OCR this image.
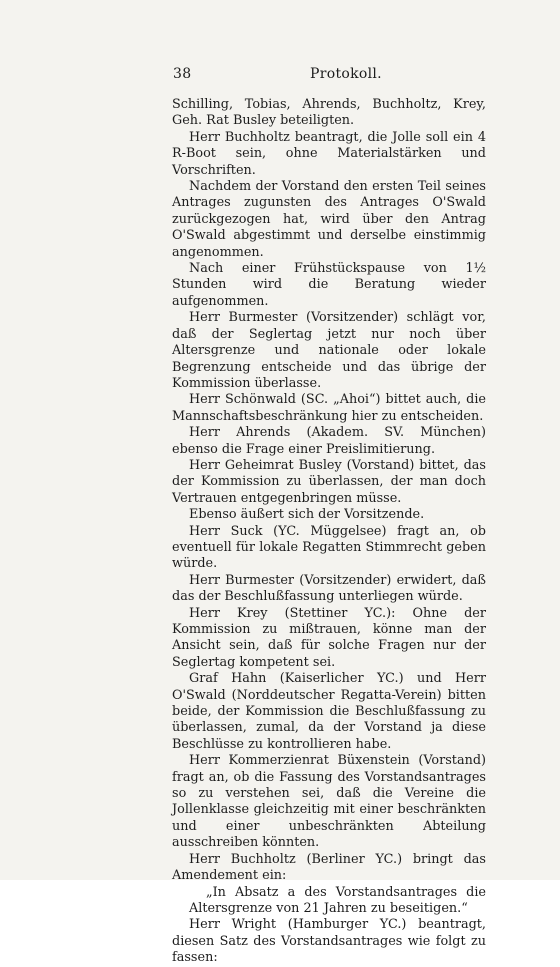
38	Protokoll.

Schilling, Tobias, Ahrends, Buchholtz, Krey, Geh. Rat Busley beteiligten.

Herr Buchholtz beantragt, die Jolle soll ein 4 R-Boot sein, ohne Materialstärken und Vorschriften.

Nachdem der Vorstand den ersten Teil seines Antrages zugunsten des Antrages O'Swald zurückgezogen hat, wird über den Antrag O'Swald abgestimmt und derselbe einstimmig angenommen.

Nach einer Frühstückspause von 1½ Stunden wird die Beratung wieder aufgenommen.

Herr Burmester (Vorsitzender) schlägt vor, daß der Seglertag jetzt nur noch über Altersgrenze und nationale oder lokale Begrenzung entscheide und das übrige der Kommission überlasse.

Herr Schönwald (SC. „Ahoi“) bittet auch, die Mannschaftsbeschränkung hier zu entscheiden.

Herr Ahrends (Akadem. SV. München) ebenso die Frage einer Preislimitierung.

Herr Geheimrat Busley (Vorstand) bittet, das der Kommission zu überlassen, der man doch Vertrauen entgegenbringen müsse.

Ebenso äußert sich der Vorsitzende.

Herr Suck (YC. Müggelsee) fragt an, ob eventuell für lokale Regatten Stimmrecht geben würde.

Herr Burmester (Vorsitzender) erwidert, daß das der Beschlußfassung unterliegen würde.

Herr Krey (Stettiner YC.): Ohne der Kommission zu mißtrauen, könne man der Ansicht sein, daß für solche Fragen nur der Seglertag kompetent sei.

Graf Hahn (Kaiserlicher YC.) und Herr O'Swald (Norddeutscher Regatta-Verein) bitten beide, der Kommission die Beschlußfassung zu überlassen, zumal, da der Vorstand ja diese Beschlüsse zu kontrollieren habe.

Herr Kommerzienrat Büxenstein (Vorstand) fragt an, ob die Fassung des Vorstandsantrages so zu verstehen sei, daß die Vereine die Jollenklasse gleichzeitig mit einer beschränkten und einer unbeschränkten Abteilung ausschreiben könnten.

Herr Buchholtz (Berliner YC.) bringt das Amendement ein:

„In Absatz a des Vorstandsantrages die Altersgrenze von 21 Jahren zu beseitigen.“

Herr Wright (Hamburger YC.) beantragt, diesen Satz des Vorstandsantrages wie folgt zu fassen:
